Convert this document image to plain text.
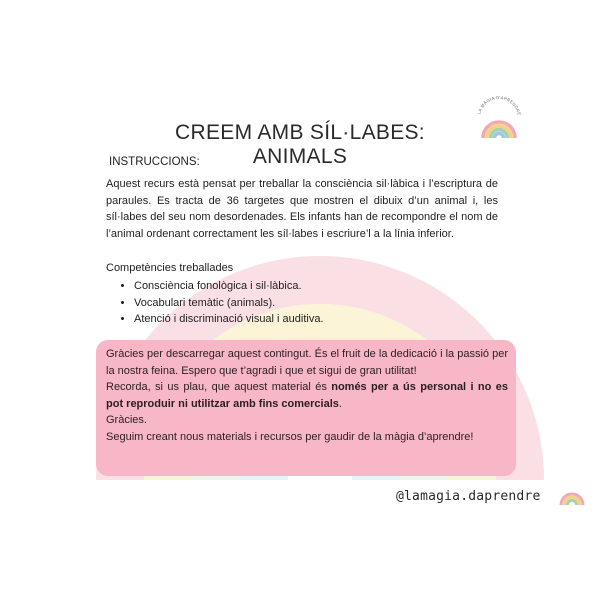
CREEM AMB SÍL·LABES: ANIMALS
LA MÀGIA D'APRENDRE
INSTRUCCIONS:

Aquest recurs està pensat per treballar la consciència sil·làbica i l’escriptura de paraules. Es tracta de 36 targetes que mostren el dibuix d’un animal i, les síl·labes del seu nom desordenades. Els infants han de recompondre el nom de l’animal ordenant correctament les síl·labes i escriure’l a la línia inferior.

Competències treballades
• Consciència fonològica i sil·làbica.
• Vocabulari temàtic (animals).
• Atenció i discriminació visual i auditiva.

Gràcies per descarregar aquest contingut. És el fruit de la dedicació i la passió per la nostra feina. Espero que t’agradi i que et sigui de gran utilitat!

Recorda, si us plau, que aquest material és només per a ús personal i no es pot reproduir ni utilitzar amb fins comercials.

Gràcies.

Seguim creant nous materials i recursos per gaudir de la màgia d’aprendre!

@lamagia.daprendre
